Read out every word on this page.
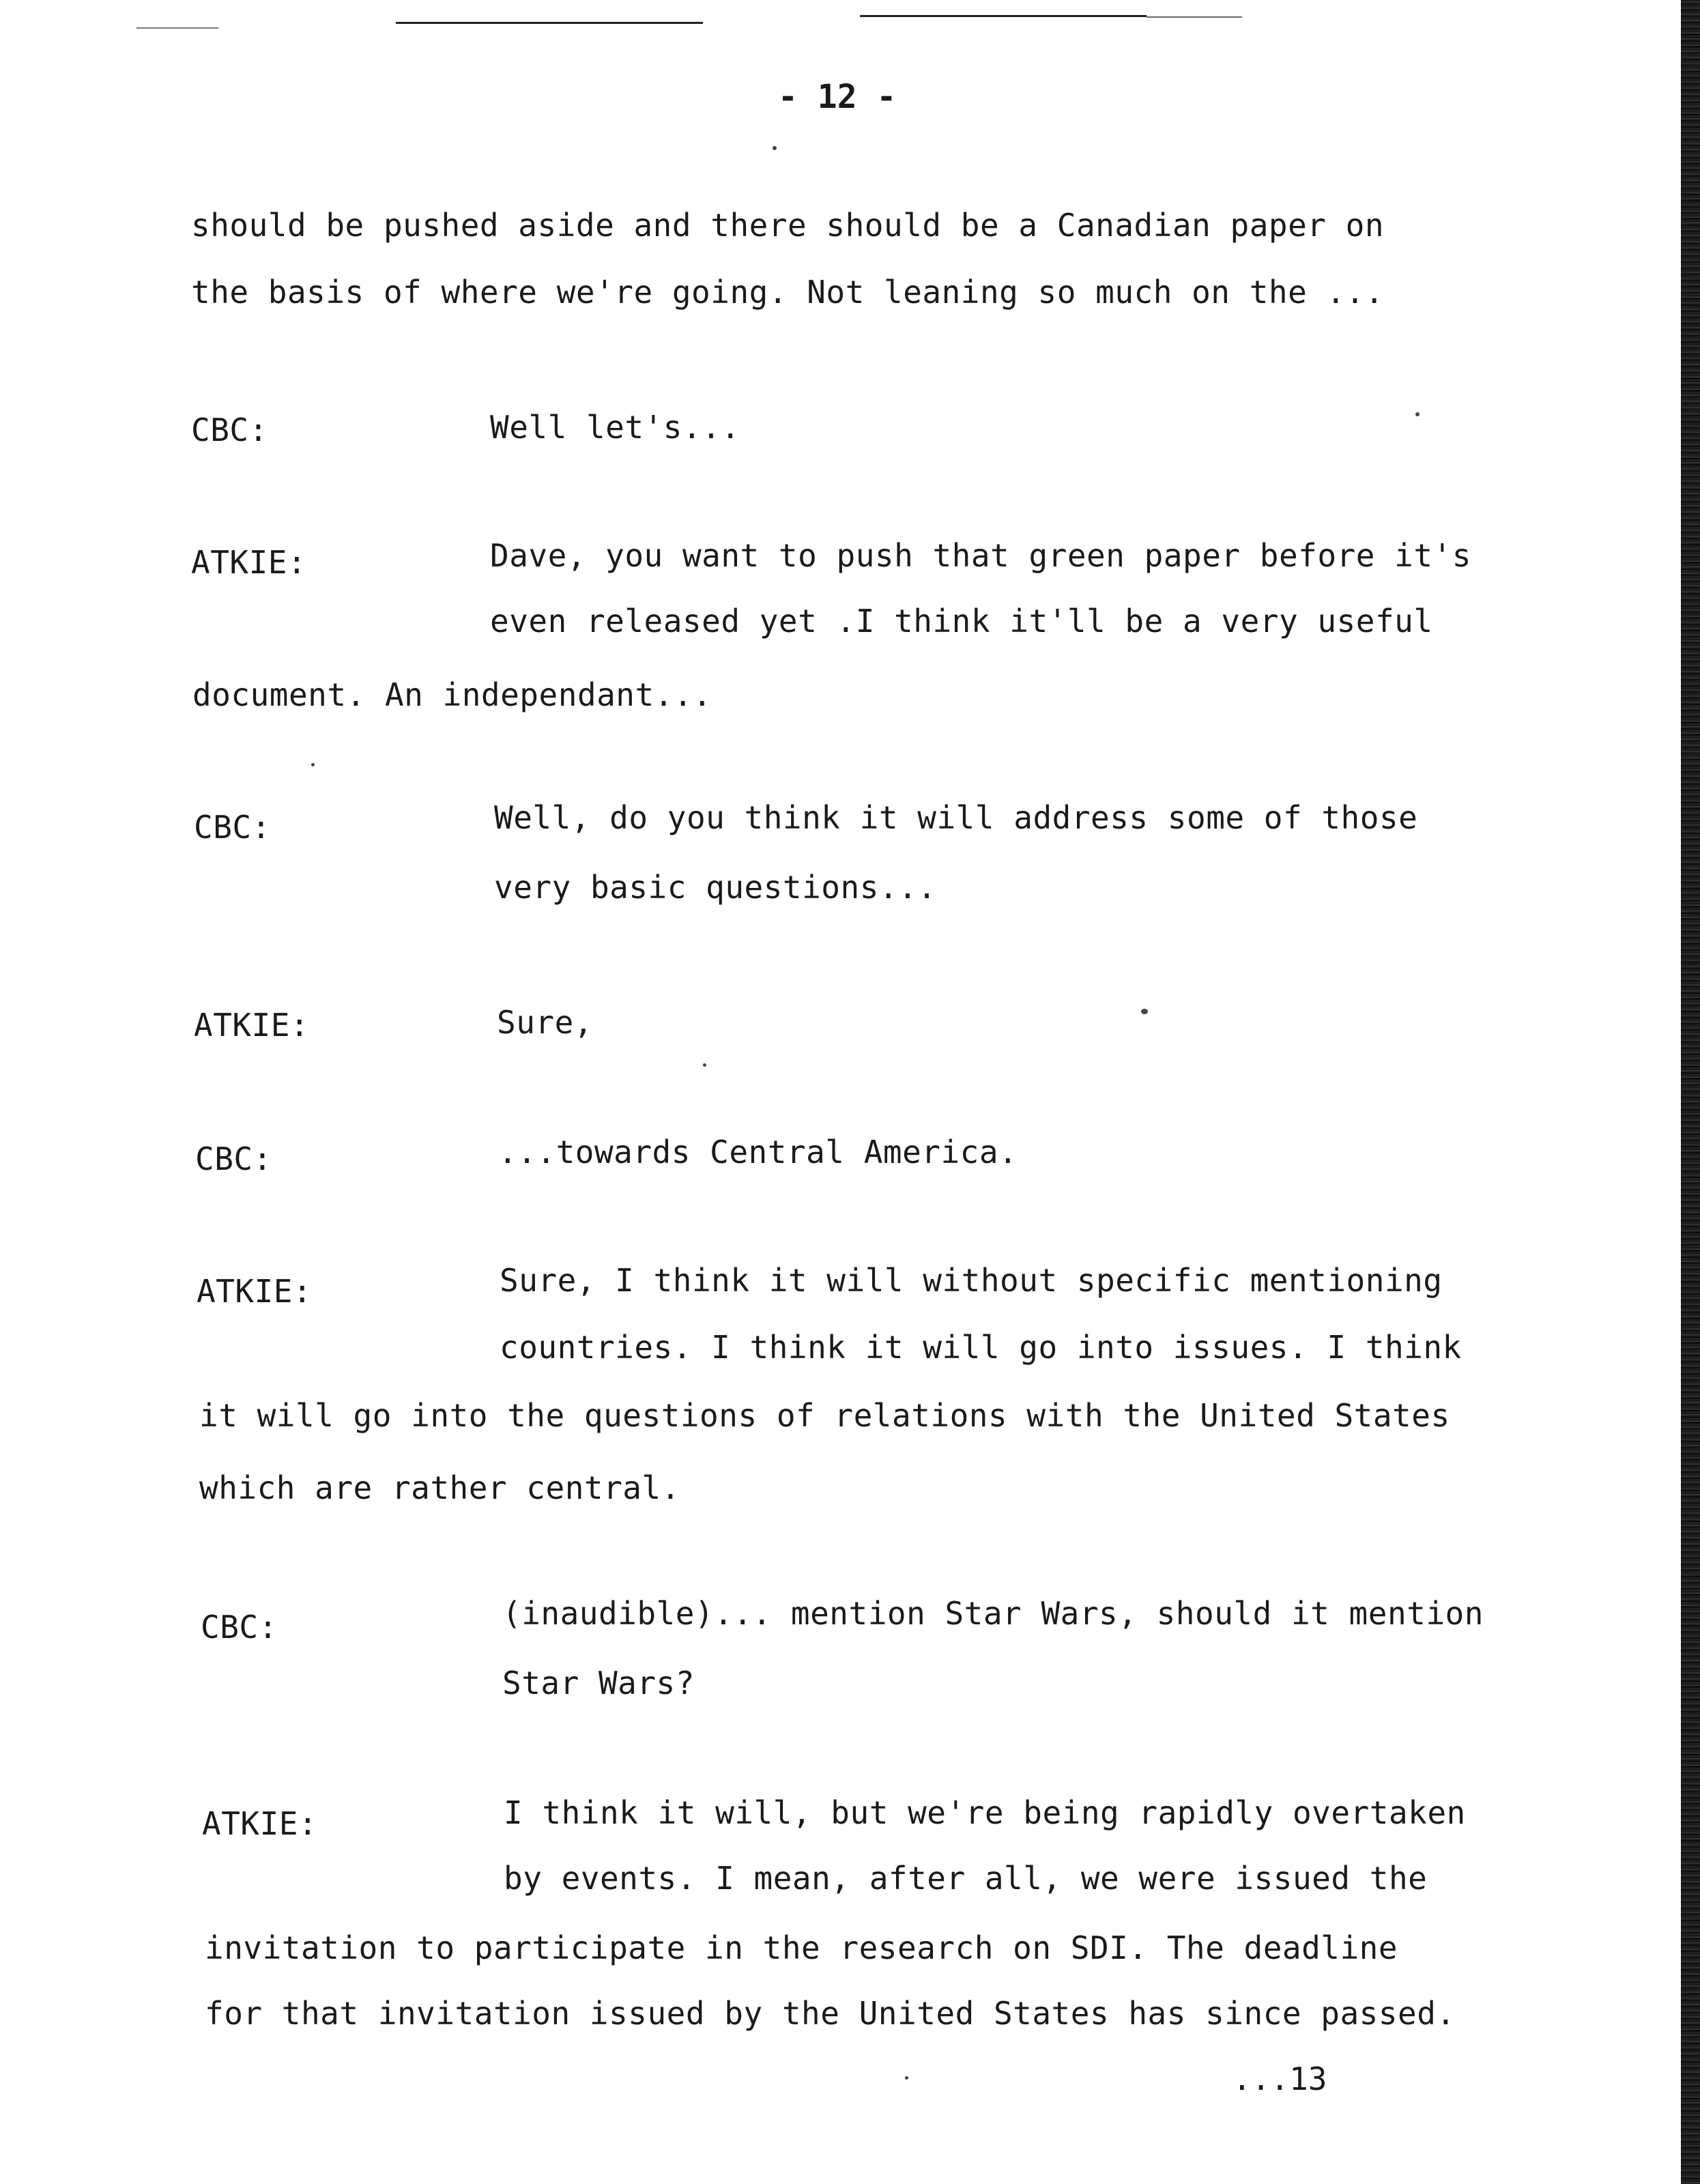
- 12 -
should be pushed aside and there should be a Canadian paper on
the basis of where we're going. Not leaning so much on the ...
CBC:	Well let's...
ATKIE:	Dave, you want to push that green paper before it's
even released yet .I think it'll be a very useful
document. An independant...
CBC:	Well, do you think it will address some of those
very basic questions...
ATKIE:	Sure,
CBC:	...towards Central America.
ATKIE:	Sure, I think it will without specific mentioning
countries. I think it will go into issues. I think
it will go into the questions of relations with the United States
which are rather central.
CBC:	(inaudible)... mention Star Wars, should it mention
Star Wars?
ATKIE:	I think it will, but we're being rapidly overtaken
by events. I mean, after all, we were issued the
invitation to participate in the research on SDI. The deadline
for that invitation issued by the United States has since passed.
...13
